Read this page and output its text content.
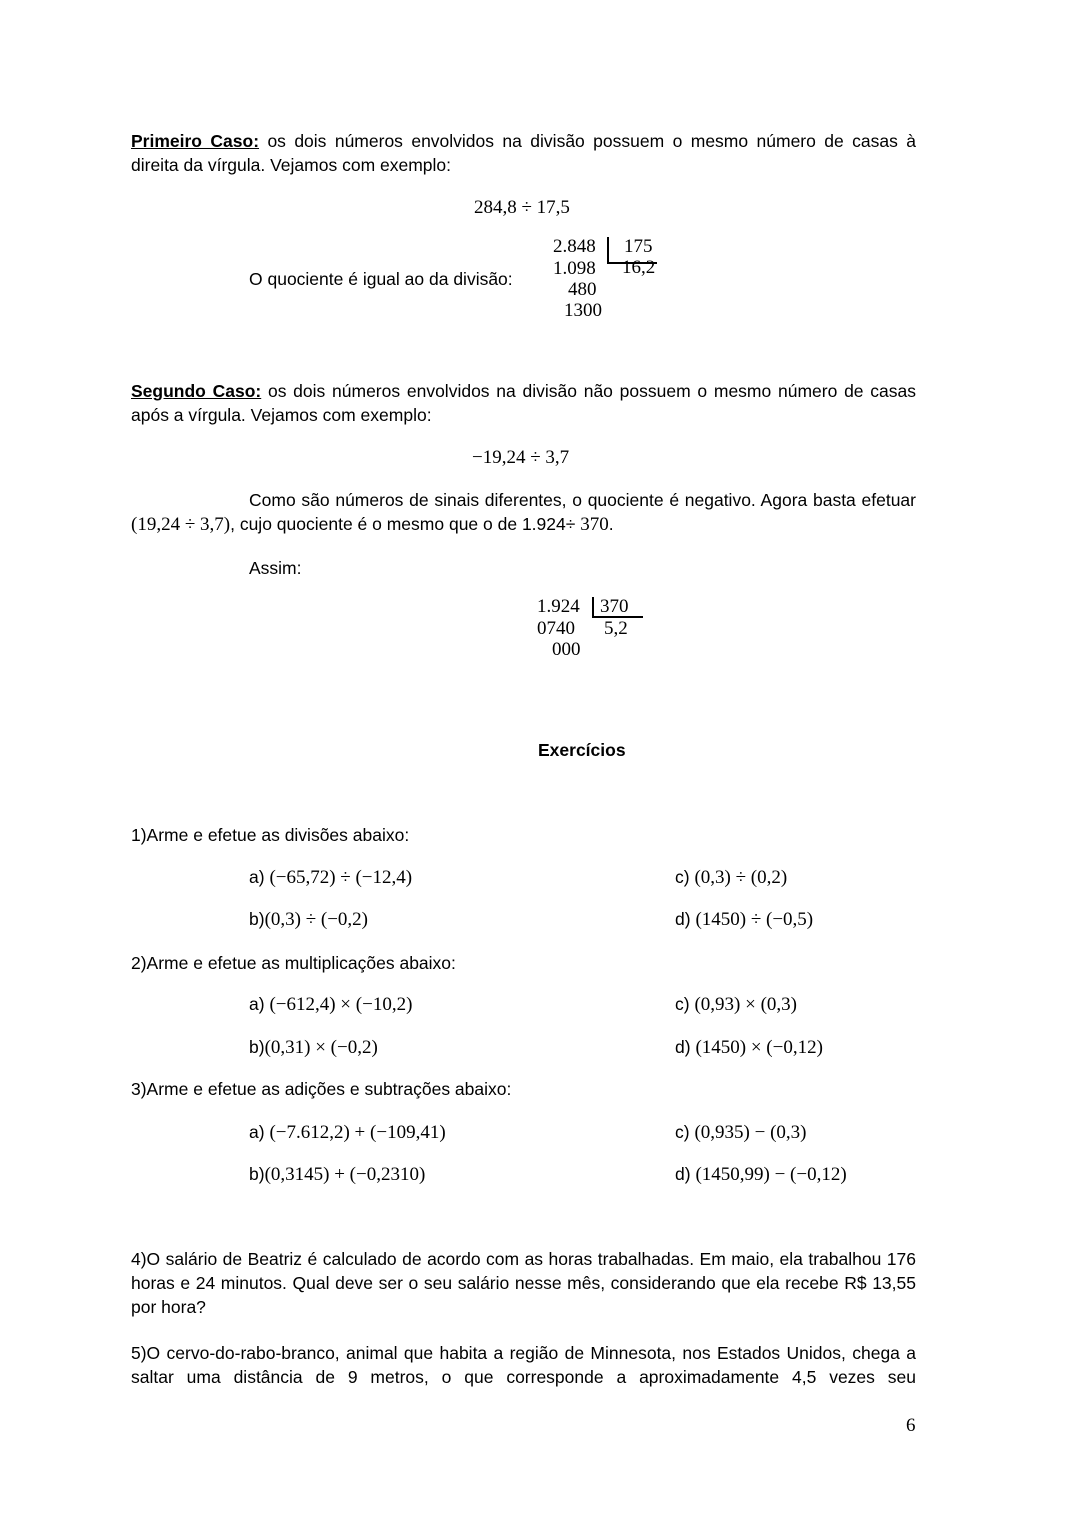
Primeiro Caso: os dois números envolvidos na divisão possuem o mesmo número de casas à direita da vírgula. Vejamos com exemplo:
284,8 ÷ 17,5
O quociente é igual ao da divisão:
2.848 175
1.098 16,2
480
1300
Segundo Caso: os dois números envolvidos na divisão não possuem o mesmo número de casas após a vírgula. Vejamos com exemplo:
−19,24 ÷ 3,7
Como são números de sinais diferentes, o quociente é negativo. Agora basta efetuar (19,24 ÷ 3,7), cujo quociente é o mesmo que o de 1.924÷ 370.
Assim:
1.924 370
0740 5,2
000
Exercícios
1)Arme e efetue as divisões abaixo:
a) (−65,72) ÷ (−12,4)	c) (0,3) ÷ (0,2)
b)(0,3) ÷ (−0,2)	d) (1450) ÷ (−0,5)
2)Arme e efetue as multiplicações abaixo:
a) (−612,4) × (−10,2)	c) (0,93) × (0,3)
b)(0,31) × (−0,2)	d) (1450) × (−0,12)
3)Arme e efetue as adições e subtrações abaixo:
a) (−7.612,2) + (−109,41)	c) (0,935) − (0,3)
b)(0,3145) + (−0,2310)	d) (1450,99) − (−0,12)
4)O salário de Beatriz é calculado de acordo com as horas trabalhadas. Em maio, ela trabalhou 176 horas e 24 minutos. Qual deve ser o seu salário nesse mês, considerando que ela recebe R$ 13,55 por hora?
5)O cervo-do-rabo-branco, animal que habita a região de Minnesota, nos Estados Unidos, chega a saltar uma distância de 9 metros, o que corresponde a aproximadamente 4,5 vezes seu
6
